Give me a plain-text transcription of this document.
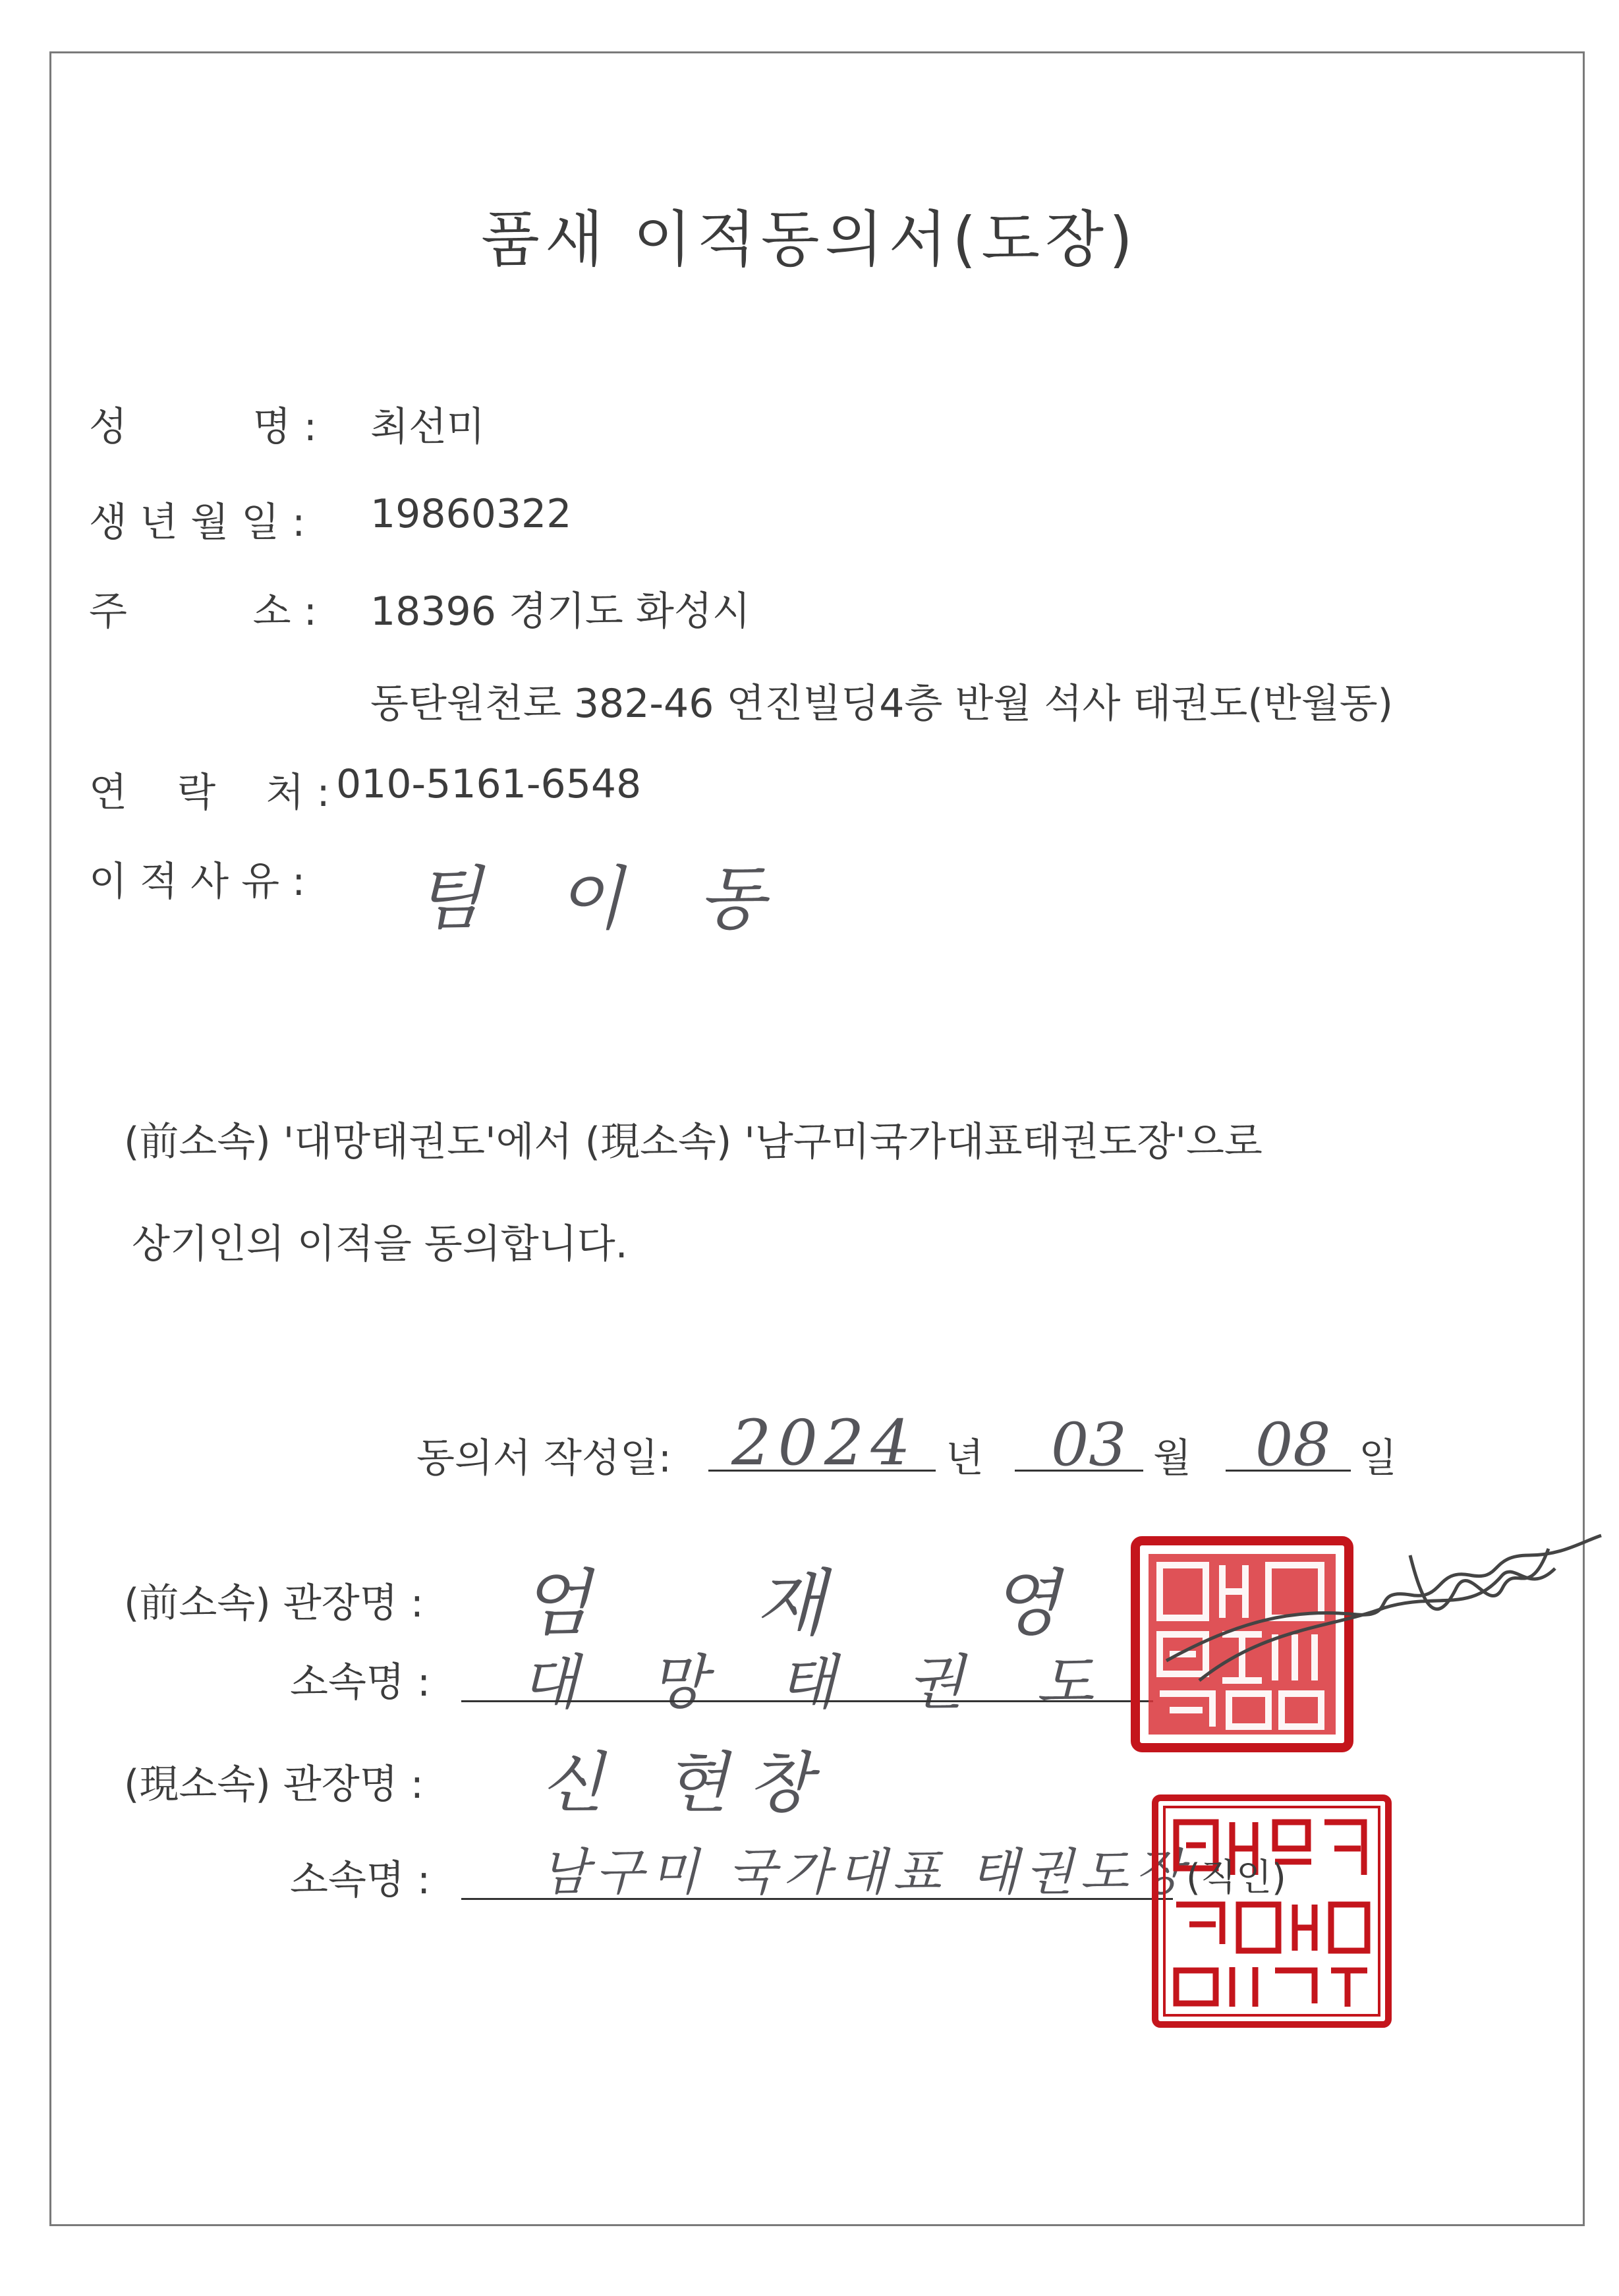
품새 이적동의서(도장)
성          명 : 최선미
생 년 월 일 : 19860322
주          소 : 18396 경기도 화성시
동탄원천로 382-46 연진빌딩4층 반월 석사 태권도(반월동)
연    락    처 : 010-5161-6548
이 적 사 유 : 팀 이 동
(前소속) '대망태권도'에서 (現소속) '남구미국가대표태권도장'으로
상기인의 이적을 동의합니다.
동의서 작성일: 2024 년 03 월 08 일
(前소속) 관장명 : 엄  재  영
소속명 : 대 망 태 권 도
(現소속) 관장명 : 신 현창
소속명 : 남구미 국가대표 태권도장
(직인)
